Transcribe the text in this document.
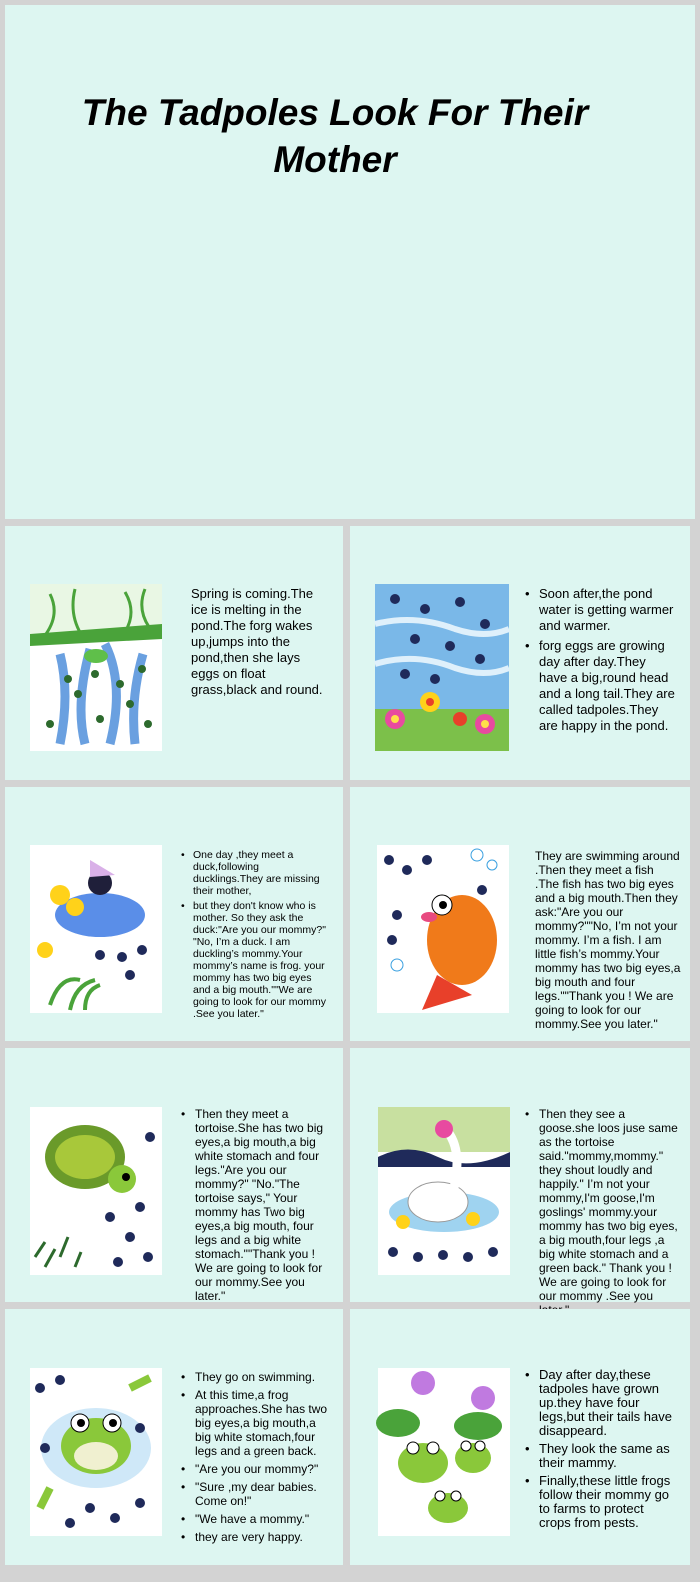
The Tadpoles Look For Their Mother
Spring is coming.The ice is melting in the pond.The forg wakes up,jumps into the pond,then she lays eggs on float grass,black and round.
• Soon after,the pond water is getting warmer and warmer.
• forg eggs are growing day after day.They have a big,round head and a long tail.They are called tadpoles.They are happy in the pond.
• One day ,they meet a duck,following ducklings.They are missing their mother,
• but they don't know who is mother. So they ask the duck:"Are you our mommy?" "No, I’m a duck. I am duckling’s mommy.Your mommy’s name is frog. your mommy has two big eyes and a big mouth.""We are going to look for our mommy .See you later."
They are swimming around .Then they meet a fish .The fish has two big eyes and a big mouth.Then they ask:"Are you our mommy?""No, I’m not your mommy. I’m a fish. I am little fish’s mommy.Your mommy has two big eyes,a big mouth and four legs.""Thank you ! We are going to look for our mommy.See you later."
• Then they meet a tortoise.She has two big eyes,a big mouth,a big white stomach and four legs."Are you our mommy?" "No."The tortoise says," Your mommy has Two big eyes,a big mouth, four legs and a big white stomach.""Thank you ! We are going to look for our mommy.See you later."
• Then they see a goose.she loos juse same as the tortoise said."mommy,mommy." they shout loudly and happily." I’m not your mommy,I'm goose,I'm goslings' mommy.your mommy has two big eyes, a big mouth,four legs ,a big white stomach and a green back." Thank you ! We are going to look for our mommy .See you
• They go on swimming.
• At this time,a frog approaches.She has two big eyes,a big mouth,a big white stomach,four legs and a green back.
• "Are you our mommy?"
• "Sure ,my dear babies. Come on!"
• "We have a mommy."
• they are very happy.
• Day after day,these tadpoles have grown up.they have four legs,but their tails have disappeard.
• They look the same as their mammy.
• Finally,these little frogs follow their mommy go to farms to protect crops from pests.
